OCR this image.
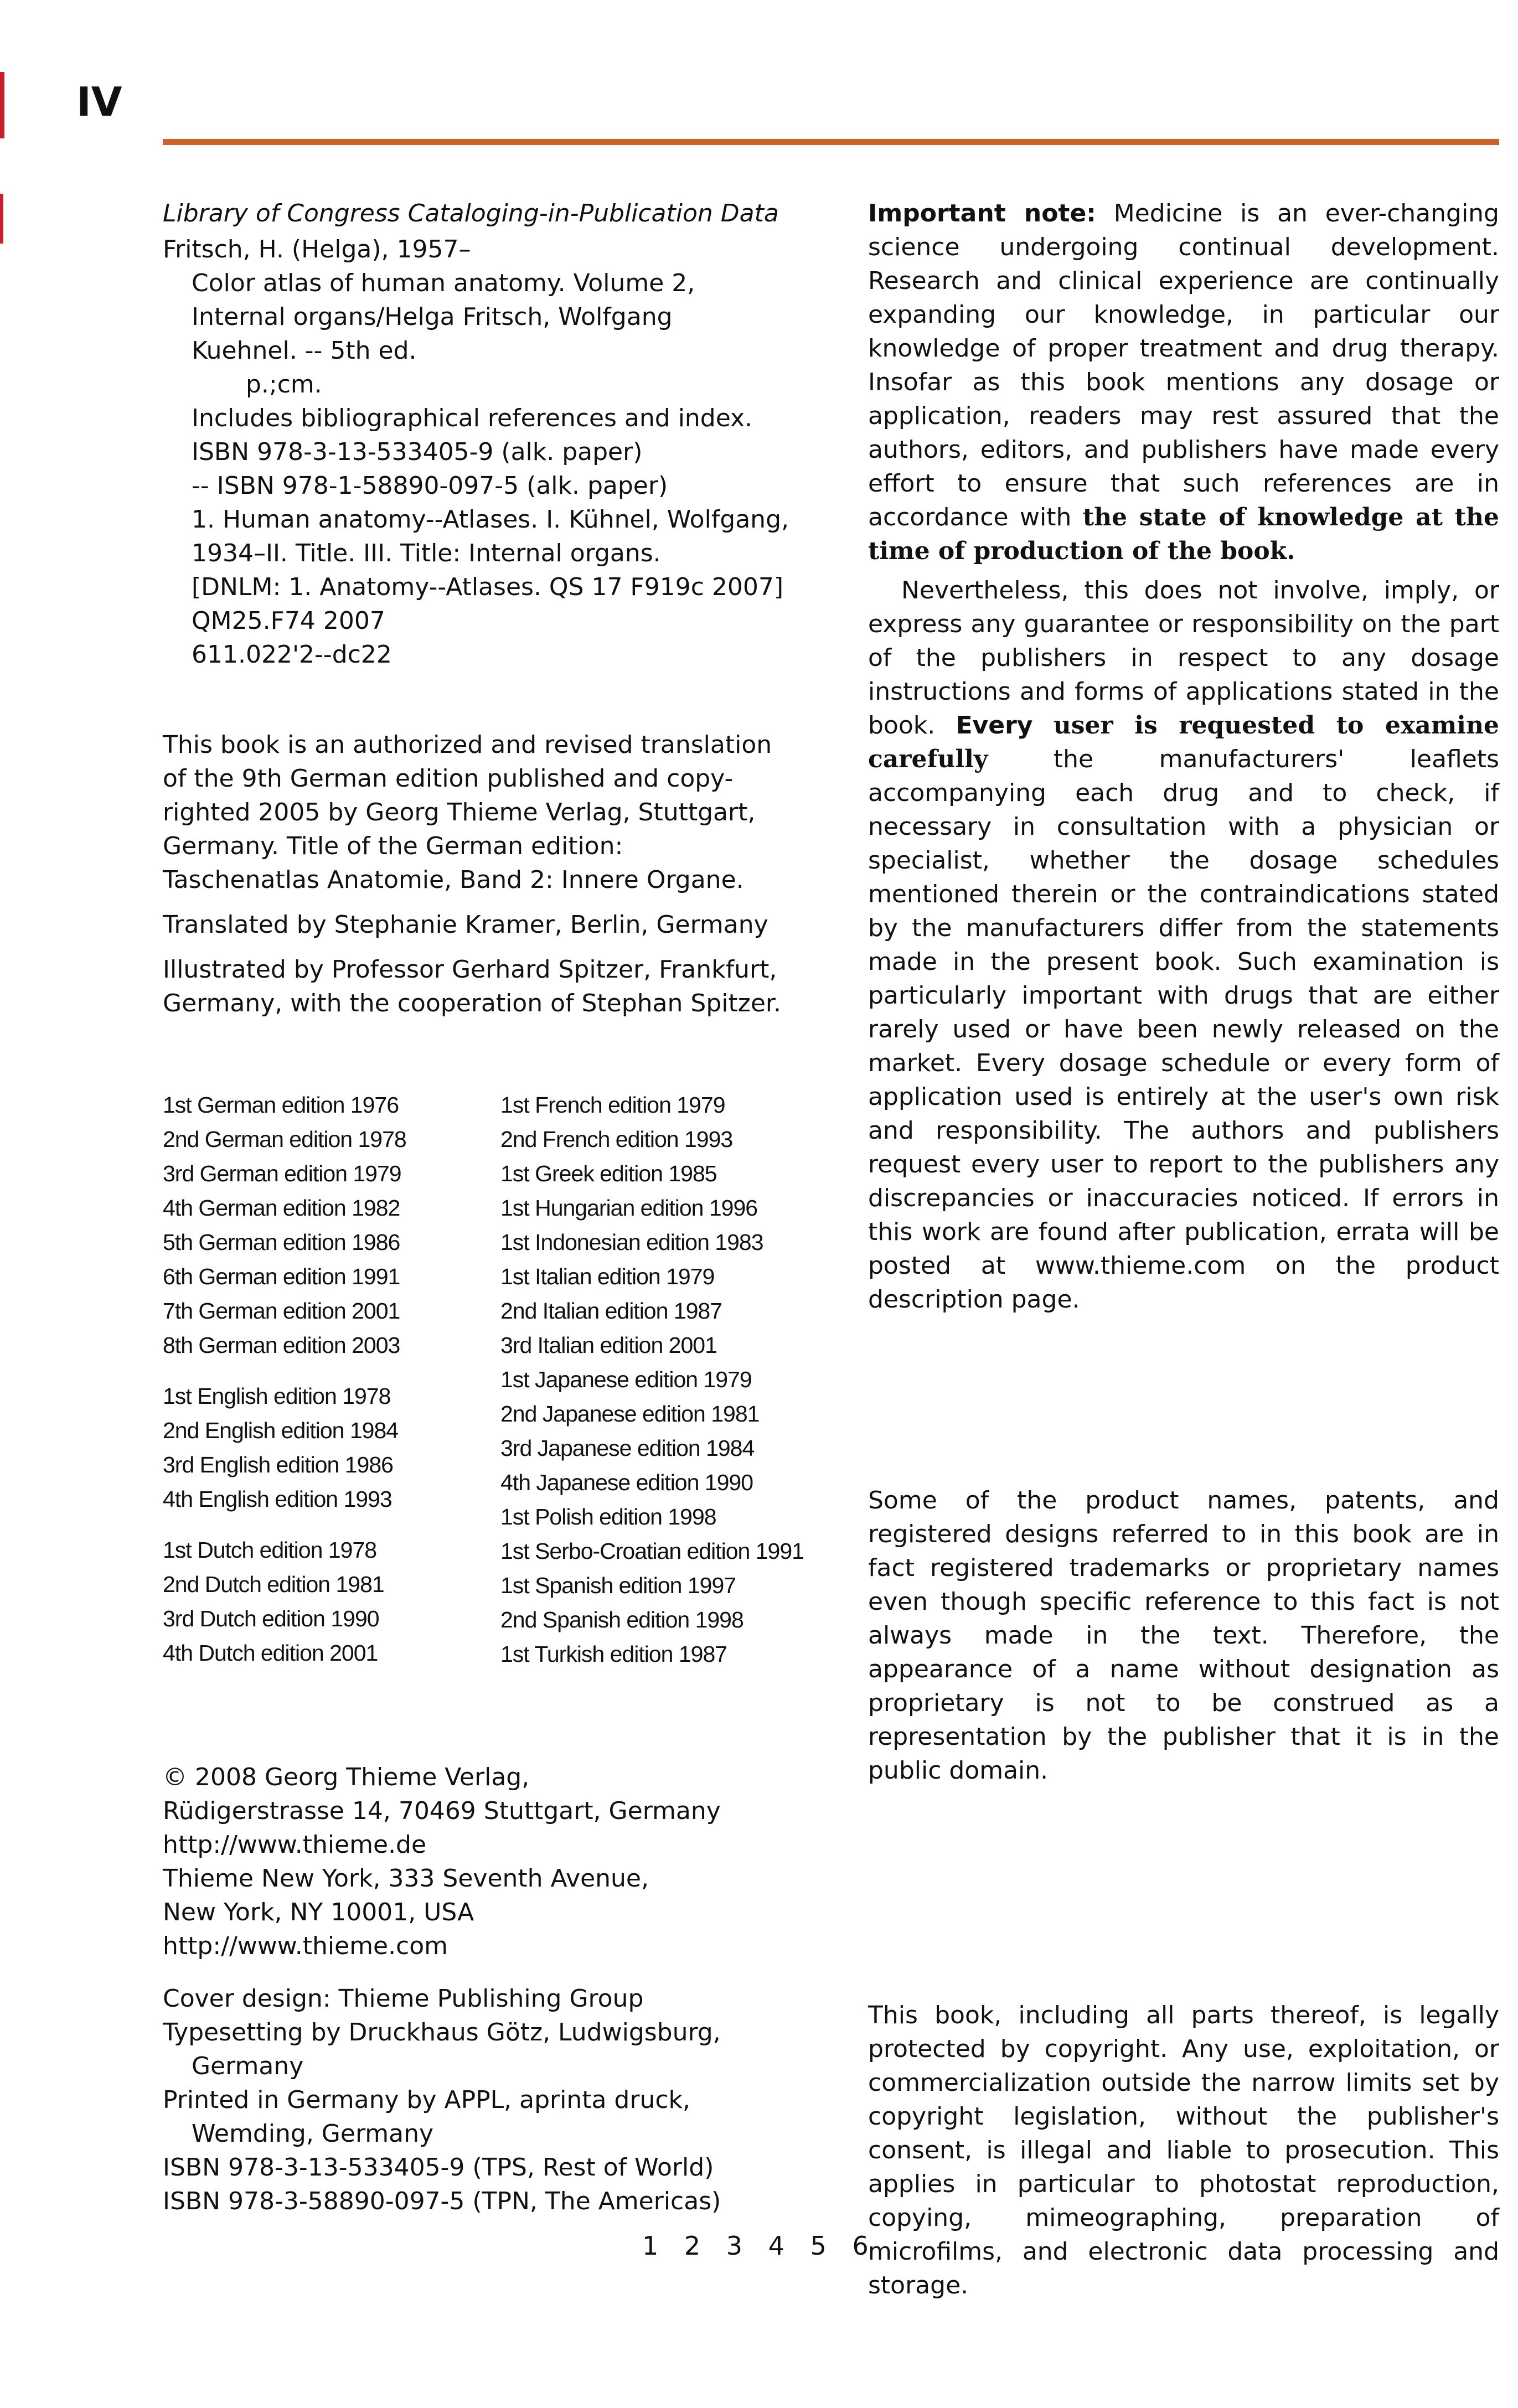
IV

Library of Congress Cataloging-in-Publication Data

Fritsch, H. (Helga), 1957–

Color atlas of human anatomy. Volume 2,

Internal organs/Helga Fritsch, Wolfgang

Kuehnel. -- 5th ed.

p.;cm.

Includes bibliographical references and index.

ISBN 978-3-13-533405-9 (alk. paper)

-- ISBN 978-1-58890-097-5 (alk. paper)

1. Human anatomy--Atlases. I. Kühnel, Wolfgang,

1934–II. Title. III. Title: Internal organs.

[DNLM: 1. Anatomy--Atlases. QS 17 F919c 2007]

QM25.F74 2007

611.022'2--dc22

This book is an authorized and revised translation

of the 9th German edition published and copy-

righted 2005 by Georg Thieme Verlag, Stuttgart,

Germany. Title of the German edition:

Taschenatlas Anatomie, Band 2: Innere Organe.

Translated by Stephanie Kramer, Berlin, Germany

Illustrated by Professor Gerhard Spitzer, Frankfurt,

Germany, with the cooperation of Stephan Spitzer.

1st German edition 1976

2nd German edition 1978

3rd German edition 1979

4th German edition 1982

5th German edition 1986

6th German edition 1991

7th German edition 2001

8th German edition 2003

1st English edition 1978

2nd English edition 1984

3rd English edition 1986

4th English edition 1993

1st Dutch edition 1978

2nd Dutch edition 1981

3rd Dutch edition 1990

4th Dutch edition 2001

1st French edition 1979

2nd French edition 1993

1st Greek edition 1985

1st Hungarian edition 1996

1st Indonesian edition 1983

1st Italian edition 1979

2nd Italian edition 1987

3rd Italian edition 2001

1st Japanese edition 1979

2nd Japanese edition 1981

3rd Japanese edition 1984

4th Japanese edition 1990

1st Polish edition 1998

1st Serbo-Croatian edition 1991

1st Spanish edition 1997

2nd Spanish edition 1998

1st Turkish edition 1987

© 2008 Georg Thieme Verlag,

Rüdigerstrasse 14, 70469 Stuttgart, Germany

http://www.thieme.de

Thieme New York, 333 Seventh Avenue,

New York, NY 10001, USA

http://www.thieme.com

Cover design: Thieme Publishing Group

Typesetting by Druckhaus Götz, Ludwigsburg,

Germany

Printed in Germany by APPL, aprinta druck,

Wemding, Germany

ISBN 978-3-13-533405-9 (TPS, Rest of World)

ISBN 978-3-58890-097-5 (TPN, The Americas)

1 2 3 4 5 6

Important note: Medicine is an ever-changing science undergoing continual development. Research and clinical experience are continually expanding our knowledge, in particular our knowledge of proper treatment and drug therapy. Insofar as this book mentions any dosage or application, readers may rest assured that the authors, editors, and publishers have made every effort to ensure that such references are in accordance with the state of knowledge at the time of production of the book.

Nevertheless, this does not involve, imply, or express any guarantee or responsibility on the part of the publishers in respect to any dosage instructions and forms of applications stated in the book. Every user is requested to examine carefully the manufacturers' leaflets accompanying each drug and to check, if necessary in consultation with a physician or specialist, whether the dosage schedules mentioned therein or the contraindications stated by the manufacturers differ from the statements made in the present book. Such examination is particularly important with drugs that are either rarely used or have been newly released on the market. Every dosage schedule or every form of application used is entirely at the user's own risk and responsibility. The authors and publishers request every user to report to the publishers any discrepancies or inaccuracies noticed. If errors in this work are found after publication, errata will be posted at www.thieme.com on the product description page.

Some of the product names, patents, and registered designs referred to in this book are in fact registered trademarks or proprietary names even though specific reference to this fact is not always made in the text. Therefore, the appearance of a name without designation as proprietary is not to be construed as a representation by the publisher that it is in the public domain.

This book, including all parts thereof, is legally protected by copyright. Any use, exploitation, or commercialization outside the narrow limits set by copyright legislation, without the publisher's consent, is illegal and liable to prosecution. This applies in particular to photostat reproduction, copying, mimeographing, preparation of microfilms, and electronic data processing and storage.
